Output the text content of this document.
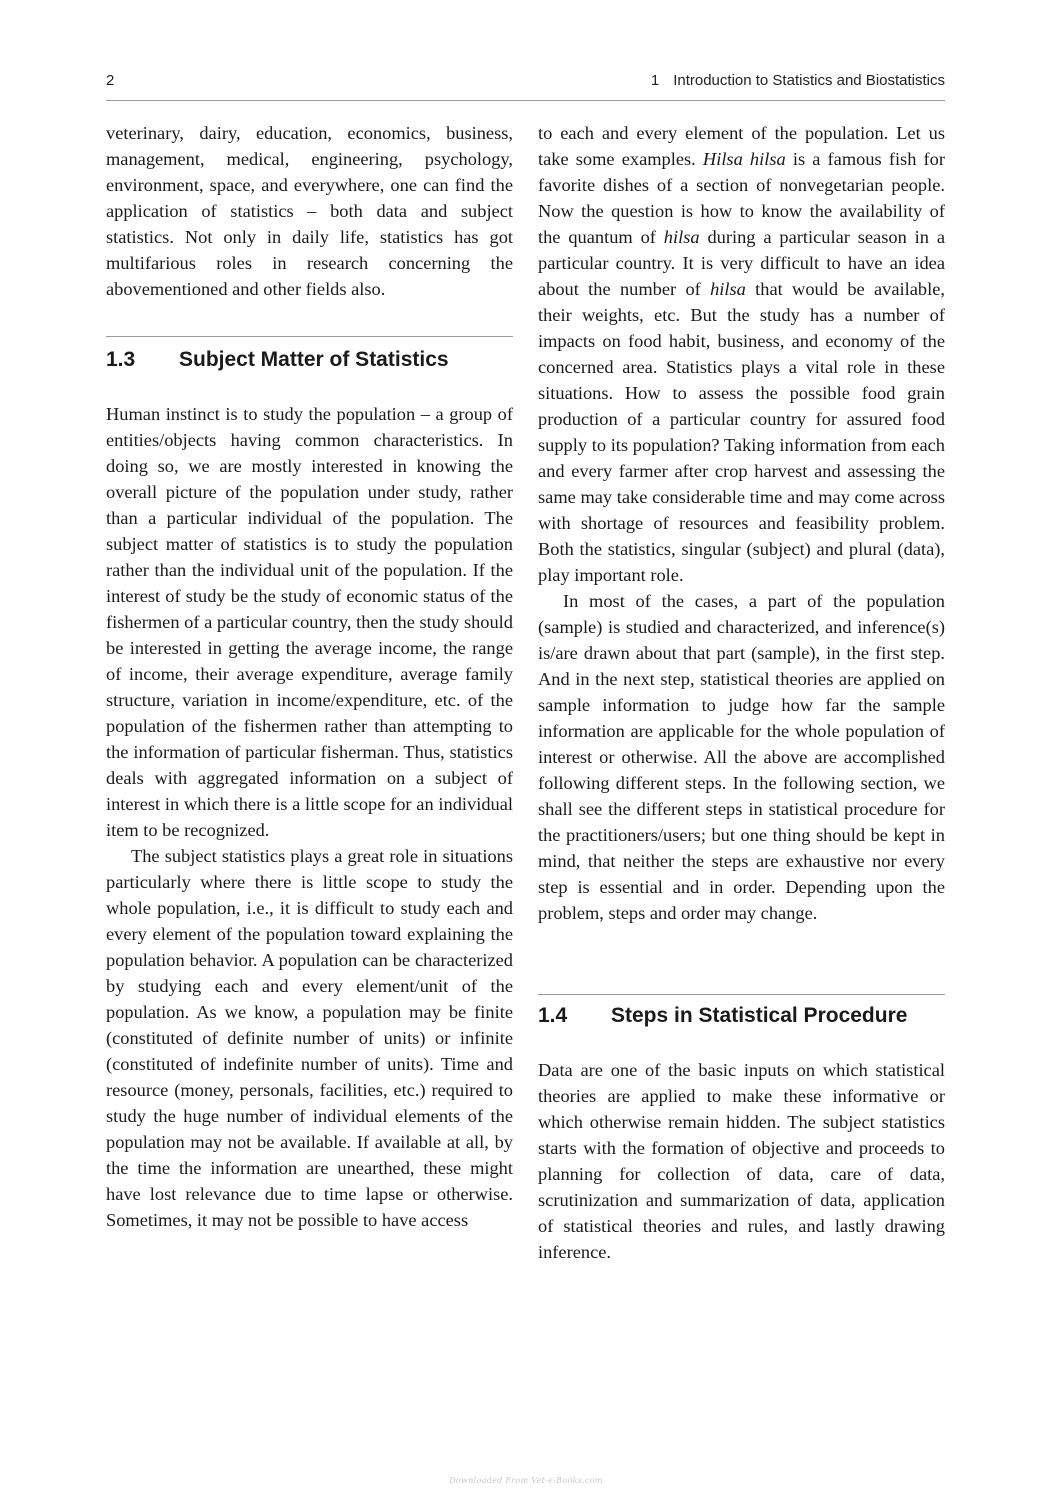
2	1 Introduction to Statistics and Biostatistics

veterinary, dairy, education, economics, business, management, medical, engineering, psychology, environment, space, and everywhere, one can find the application of statistics – both data and subject statistics. Not only in daily life, statistics has got multifarious roles in research concerning the abovementioned and other fields also.

1.3	Subject Matter of Statistics

Human instinct is to study the population – a group of entities/objects having common characteristics. In doing so, we are mostly interested in knowing the overall picture of the population under study, rather than a particular individual of the population. The subject matter of statistics is to study the population rather than the individual unit of the population. If the interest of study be the study of economic status of the fishermen of a particular country, then the study should be interested in getting the average income, the range of income, their average expenditure, average family structure, variation in income/expenditure, etc. of the population of the fishermen rather than attempting to the information of particular fisherman. Thus, statistics deals with aggregated information on a subject of interest in which there is a little scope for an individual item to be recognized.

The subject statistics plays a great role in situations particularly where there is little scope to study the whole population, i.e., it is difficult to study each and every element of the population toward explaining the population behavior. A population can be characterized by studying each and every element/unit of the population. As we know, a population may be finite (constituted of definite number of units) or infinite (constituted of indefinite number of units). Time and resource (money, personals, facilities, etc.) required to study the huge number of individual elements of the population may not be available. If available at all, by the time the information are unearthed, these might have lost relevance due to time lapse or otherwise. Sometimes, it may not be possible to have access

to each and every element of the population. Let us take some examples. Hilsa hilsa is a famous fish for favorite dishes of a section of nonvegetarian people. Now the question is how to know the availability of the quantum of hilsa during a particular season in a particular country. It is very difficult to have an idea about the number of hilsa that would be available, their weights, etc. But the study has a number of impacts on food habit, business, and economy of the concerned area. Statistics plays a vital role in these situations. How to assess the possible food grain production of a particular country for assured food supply to its population? Taking information from each and every farmer after crop harvest and assessing the same may take considerable time and may come across with shortage of resources and feasibility problem. Both the statistics, singular (subject) and plural (data), play important role.

In most of the cases, a part of the population (sample) is studied and characterized, and inference(s) is/are drawn about that part (sample), in the first step. And in the next step, statistical theories are applied on sample information to judge how far the sample information are applicable for the whole population of interest or otherwise. All the above are accomplished following different steps. In the following section, we shall see the different steps in statistical procedure for the practitioners/users; but one thing should be kept in mind, that neither the steps are exhaustive nor every step is essential and in order. Depending upon the problem, steps and order may change.

1.4	Steps in Statistical Procedure

Data are one of the basic inputs on which statistical theories are applied to make these informative or which otherwise remain hidden. The subject statistics starts with the formation of objective and proceeds to planning for collection of data, care of data, scrutinization and summarization of data, application of statistical theories and rules, and lastly drawing inference.

Downloaded From Vet-e-Books.com
